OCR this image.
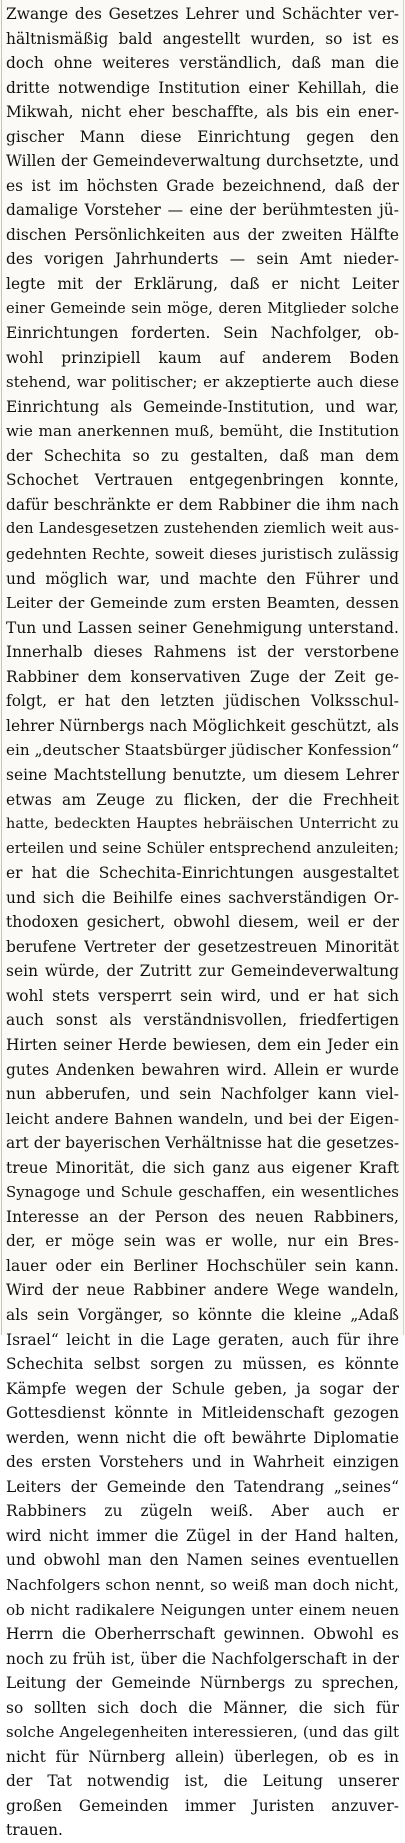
Zwange des Gesetzes Lehrer und Schächter ver-
hältnismäßig bald angestellt wurden, so ist es
doch ohne weiteres verständlich, daß man die
dritte notwendige Institution einer Kehillah, die
Mikwah, nicht eher beschaffte, als bis ein ener-
gischer Mann diese Einrichtung gegen den
Willen der Gemeindeverwaltung durchsetzte, und
es ist im höchsten Grade bezeichnend, daß der
damalige Vorsteher — eine der berühmtesten jü-
dischen Persönlichkeiten aus der zweiten Hälfte
des vorigen Jahrhunderts — sein Amt nieder-
legte mit der Erklärung, daß er nicht Leiter
einer Gemeinde sein möge, deren Mitglieder solche
Einrichtungen forderten. Sein Nachfolger, ob-
wohl prinzipiell kaum auf anderem Boden
stehend, war politischer; er akzeptierte auch diese
Einrichtung als Gemeinde-Institution, und war,
wie man anerkennen muß, bemüht, die Institution
der Schechita so zu gestalten, daß man dem
Schochet Vertrauen entgegenbringen konnte,
dafür beschränkte er dem Rabbiner die ihm nach
den Landesgesetzen zustehenden ziemlich weit aus-
gedehnten Rechte, soweit dieses juristisch zulässig
und möglich war, und machte den Führer und
Leiter der Gemeinde zum ersten Beamten, dessen
Tun und Lassen seiner Genehmigung unterstand.
Innerhalb dieses Rahmens ist der verstorbene
Rabbiner dem konservativen Zuge der Zeit ge-
folgt, er hat den letzten jüdischen Volksschul-
lehrer Nürnbergs nach Möglichkeit geschützt, als
ein „deutscher Staatsbürger jüdischer Konfession“
seine Machtstellung benutzte, um diesem Lehrer
etwas am Zeuge zu flicken, der die Frechheit
hatte, bedeckten Hauptes hebräischen Unterricht zu
erteilen und seine Schüler entsprechend anzuleiten;
er hat die Schechita-Einrichtungen ausgestaltet
und sich die Beihilfe eines sachverständigen Or-
thodoxen gesichert, obwohl diesem, weil er der
berufene Vertreter der gesetzestreuen Minorität
sein würde, der Zutritt zur Gemeindeverwaltung
wohl stets versperrt sein wird, und er hat sich
auch sonst als verständnisvollen, friedfertigen
Hirten seiner Herde bewiesen, dem ein Jeder ein
gutes Andenken bewahren wird. Allein er wurde
nun abberufen, und sein Nachfolger kann viel-
leicht andere Bahnen wandeln, und bei der Eigen-
art der bayerischen Verhältnisse hat die gesetzes-
treue Minorität, die sich ganz aus eigener Kraft
Synagoge und Schule geschaffen, ein wesentliches
Interesse an der Person des neuen Rabbiners,
der, er möge sein was er wolle, nur ein Bres-
lauer oder ein Berliner Hochschüler sein kann.
Wird der neue Rabbiner andere Wege wandeln,
als sein Vorgänger, so könnte die kleine „Adaß
Israel“ leicht in die Lage geraten, auch für ihre
Schechita selbst sorgen zu müssen, es könnte
Kämpfe wegen der Schule geben, ja sogar der
Gottesdienst könnte in Mitleidenschaft gezogen
werden, wenn nicht die oft bewährte Diplomatie
des ersten Vorstehers und in Wahrheit einzigen
Leiters der Gemeinde den Tatendrang „seines“
Rabbiners zu zügeln weiß. Aber auch er
wird nicht immer die Zügel in der Hand halten,
und obwohl man den Namen seines eventuellen
Nachfolgers schon nennt, so weiß man doch nicht,
ob nicht radikalere Neigungen unter einem neuen
Herrn die Oberherrschaft gewinnen. Obwohl es
noch zu früh ist, über die Nachfolgerschaft in der
Leitung der Gemeinde Nürnbergs zu sprechen,
so sollten sich doch die Männer, die sich für
solche Angelegenheiten interessieren, (und das gilt
nicht für Nürnberg allein) überlegen, ob es in
der Tat notwendig ist, die Leitung unserer
großen Gemeinden immer Juristen anzuver-
trauen.
